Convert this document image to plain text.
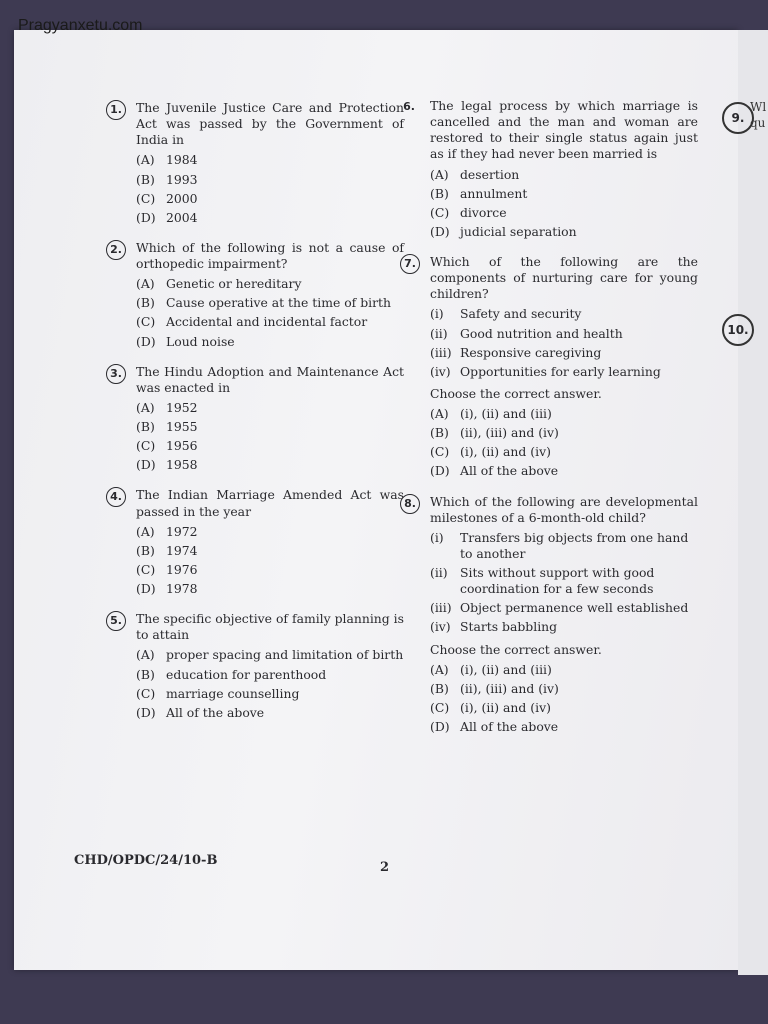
Pragyanxetu.com
1.	The Juvenile Justice Care and Protection Act was passed by the Government of India in

(A) 1984
(B) 1993
(C) 2000
(D) 2004
2.	Which of the following is not a cause of orthopedic impairment?

(A) Genetic or hereditary
(B) Cause operative at the time of birth
(C) Accidental and incidental factor
(D) Loud noise
3.	The Hindu Adoption and Maintenance Act was enacted in

(A) 1952
(B) 1955
(C) 1956
(D) 1958
4.	The Indian Marriage Amended Act was passed in the year

(A) 1972
(B) 1974
(C) 1976
(D) 1978
5.	The specific objective of family planning is to attain

(A) proper spacing and limitation of birth
(B) education for parenthood
(C) marriage counselling
(D) All of the above
6. The legal process by which marriage is cancelled and the man and woman are restored to their single status again just as if they had never been married is

(A) desertion
(B) annulment
(C) divorce
(D) judicial separation
7.	Which of the following are the components of nurturing care for young children?

(i)	Safety and security
(ii)	Good nutrition and health
(iii) Responsive caregiving
(iv) Opportunities for early learning
Choose the correct answer.
(A) (i), (ii) and (iii)
(B) (ii), (iii) and (iv)
(C) (i), (ii) and (iv)
(D) All of the above
8.	Which of the following are developmental milestones of a 6-month-old child?

(i)	Transfers big objects from one hand to another
(ii)	Sits without support with good coordination for a few seconds
(iii) Object permanence well established
(iv) Starts babbling
Choose the correct answer.
(A) (i), (ii) and (iii)
(B) (ii), (iii) and (iv)
(C) (i), (ii) and (iv)
(D) All of the above
CHD/OPDC/24/10-B	2
9.
Wl
qu
10.
